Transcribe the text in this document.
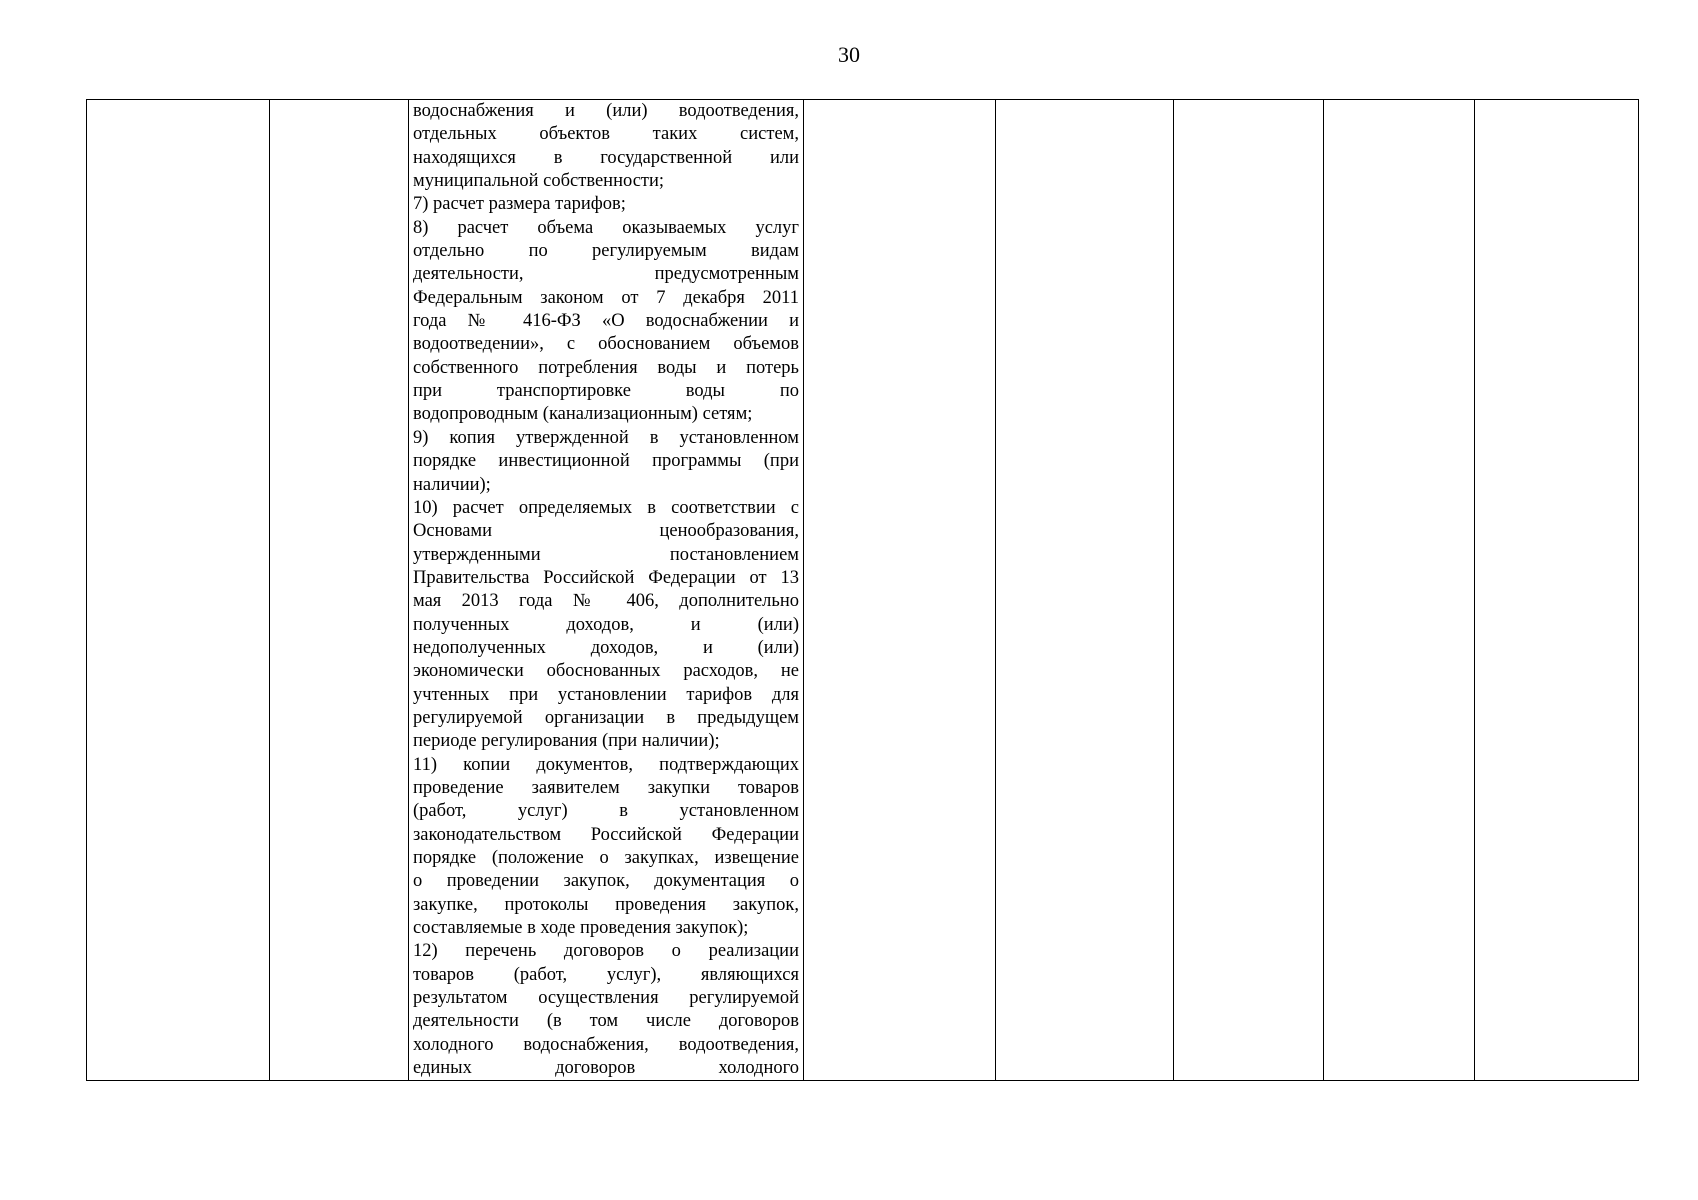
30

водоснабжения и (или) водоотведения,
отдельных объектов таких систем,
находящихся в государственной или
муниципальной собственности;
7) расчет размера тарифов;
8) расчет объема оказываемых услуг
отдельно по регулируемым видам
деятельности, предусмотренным
Федеральным законом от 7 декабря 2011
года № 416-ФЗ «О водоснабжении и
водоотведении», с обоснованием объемов
собственного потребления воды и потерь
при транспортировке воды по
водопроводным (канализационным) сетям;
9) копия утвержденной в установленном
порядке инвестиционной программы (при
наличии);
10) расчет определяемых в соответствии с
Основами ценообразования,
утвержденными постановлением
Правительства Российской Федерации от 13
мая 2013 года № 406, дополнительно
полученных доходов, и (или)
недополученных доходов, и (или)
экономически обоснованных расходов, не
учтенных при установлении тарифов для
регулируемой организации в предыдущем
периоде регулирования (при наличии);
11) копии документов, подтверждающих
проведение заявителем закупки товаров
(работ, услуг) в установленном
законодательством Российской Федерации
порядке (положение о закупках, извещение
о проведении закупок, документация о
закупке, протоколы проведения закупок,
составляемые в ходе проведения закупок);
12) перечень договоров о реализации
товаров (работ, услуг), являющихся
результатом осуществления регулируемой
деятельности (в том числе договоров
холодного водоснабжения, водоотведения,
единых договоров холодного
